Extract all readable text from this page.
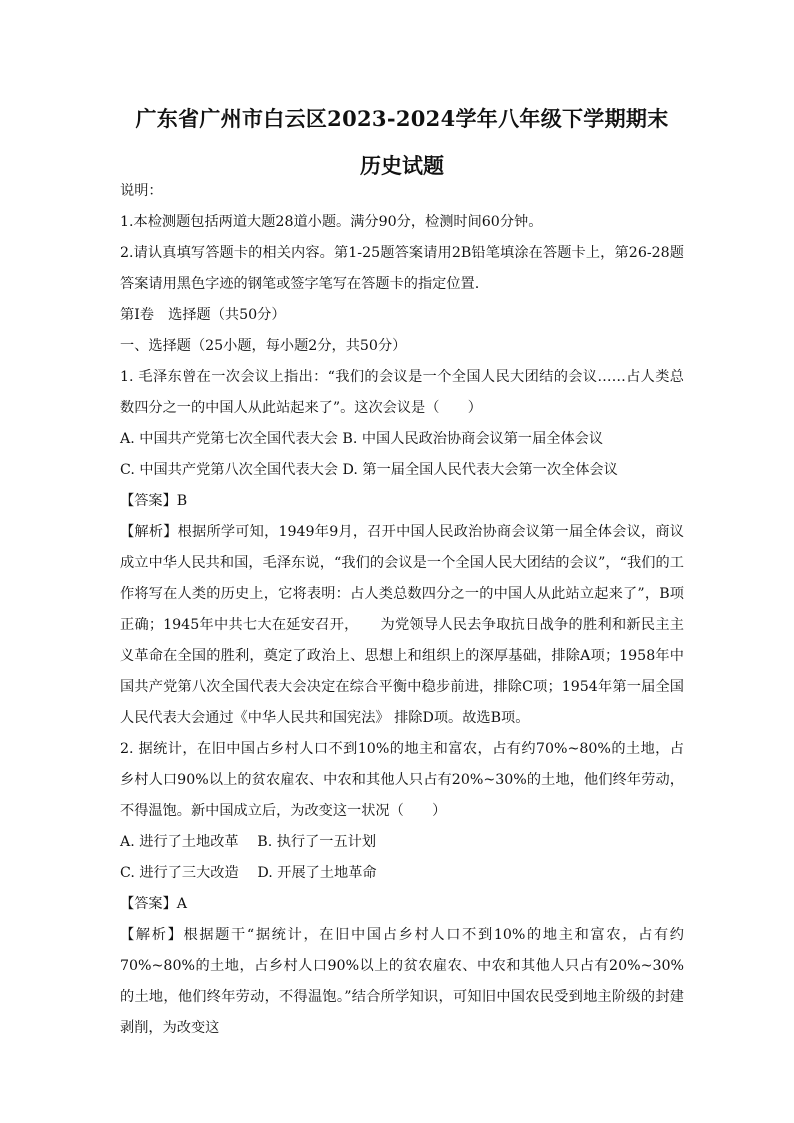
广东省广州市白云区2023-2024学年八年级下学期期末
历史试题

说明：

1.本检测题包括两道大题28道小题。满分90分，检测时间60分钟。

2.请认真填写答题卡的相关内容。第1-25题答案请用2B铅笔填涂在答题卡上，第26-28题答案请用黑色字迹的钢笔或签字笔写在答题卡的指定位置.

第Ⅰ卷　选择题（共50分）

一、选择题（25小题，每小题2分，共50分）

1. 毛泽东曾在一次会议上指出：“我们的会议是一个全国人民大团结的会议……占人类总数四分之一的中国人从此站起来了”。这次会议是（　　）

A. 中国共产党第七次全国代表大会 B. 中国人民政治协商会议第一届全体会议

C. 中国共产党第八次全国代表大会 D. 第一届全国人民代表大会第一次全体会议

【答案】B

【解析】根据所学可知，1949年9月，召开中国人民政治协商会议第一届全体会议，商议成立中华人民共和国，毛泽东说，“我们的会议是一个全国人民大团结的会议”，“我们的工作将写在人类的历史上，它将表明：占人类总数四分之一的中国人从此站立起来了”，B项正确；1945年中共七大在延安召开，　　为党领导人民去争取抗日战争的胜利和新民主主义革命在全国的胜利，奠定了政治上、思想上和组织上的深厚基础，排除A项；1958年中国共产党第八次全国代表大会决定在综合平衡中稳步前进，排除C项；1954年第一届全国人民代表大会通过《中华人民共和国宪法》 排除D项。故选B项。

2. 据统计，在旧中国占乡村人口不到10%的地主和富农，占有约70%~80%的土地，占乡村人口90%以上的贫农雇农、中农和其他人只占有20%~30%的土地，他们终年劳动，不得温饱。新中国成立后，为改变这一状况（　　）

A. 进行了土地改革　 B. 执行了一五计划

C. 进行了三大改造　 D. 开展了土地革命

【答案】A

【解析】根据题干“据统计，在旧中国占乡村人口不到10%的地主和富农，占有约70%~80%的土地，占乡村人口90%以上的贫农雇农、中农和其他人只占有20%~30%的土地，他们终年劳动，不得温饱。”结合所学知识，可知旧中国农民受到地主阶级的封建剥削，为改变这
